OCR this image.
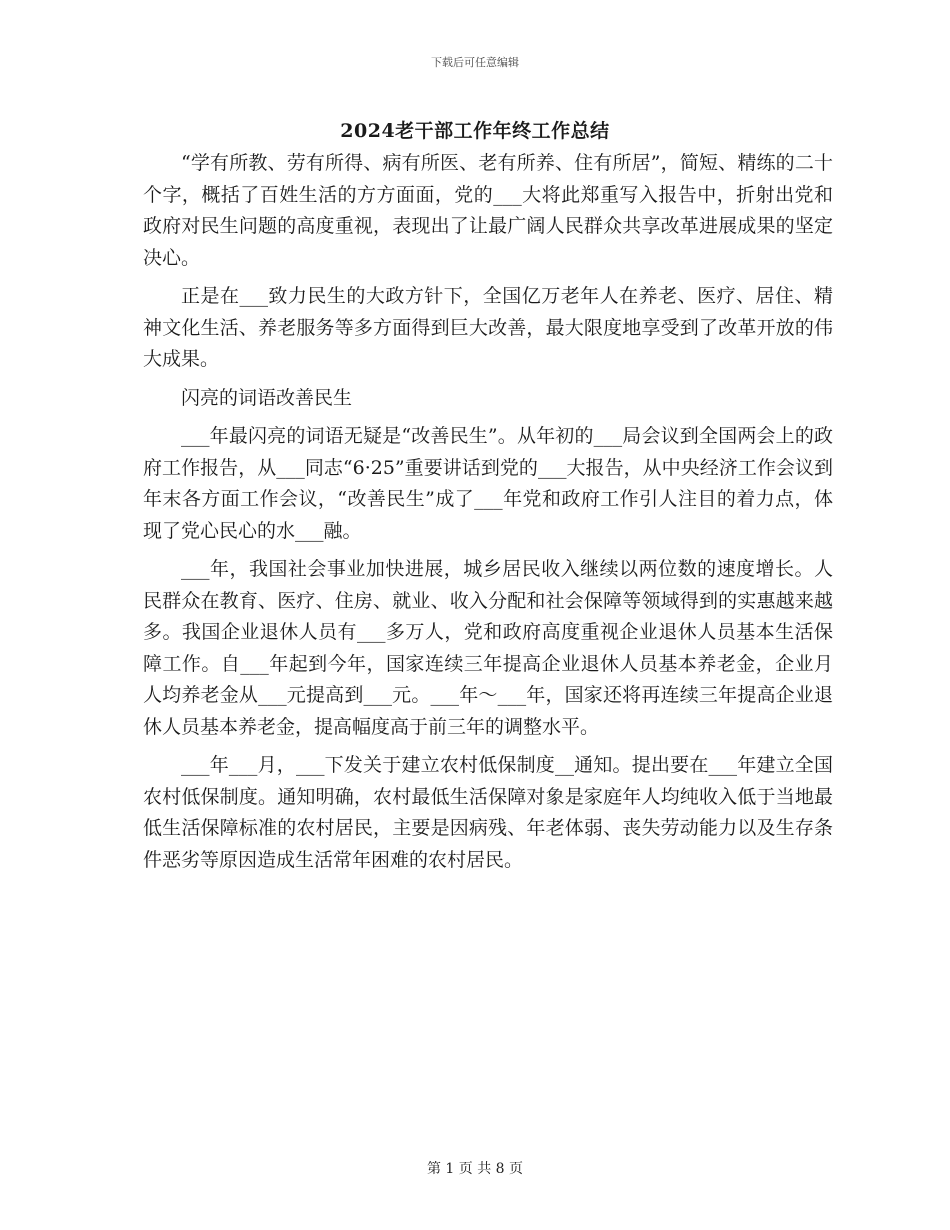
下载后可任意编辑
2024老干部工作年终工作总结

“学有所教、劳有所得、病有所医、老有所养、住有所居”，简短、精练的二十个字，概括了百姓生活的方方面面，党的___大将此郑重写入报告中，折射出党和政府对民生问题的高度重视，表现出了让最广阔人民群众共享改革进展成果的坚定决心。

正是在___致力民生的大政方针下，全国亿万老年人在养老、医疗、居住、精神文化生活、养老服务等多方面得到巨大改善，最大限度地享受到了改革开放的伟大成果。

闪亮的词语改善民生

___年最闪亮的词语无疑是“改善民生”。从年初的___局会议到全国两会上的政府工作报告，从___同志“6·25”重要讲话到党的___大报告，从中央经济工作会议到年末各方面工作会议，“改善民生”成了___年党和政府工作引人注目的着力点，体现了党心民心的水___融。

___年，我国社会事业加快进展，城乡居民收入继续以两位数的速度增长。人民群众在教育、医疗、住房、就业、收入分配和社会保障等领域得到的实惠越来越多。我国企业退休人员有___多万人，党和政府高度重视企业退休人员基本生活保障工作。自___年起到今年，国家连续三年提高企业退休人员基本养老金，企业月人均养老金从___元提高到___元。___年～___年，国家还将再连续三年提高企业退休人员基本养老金，提高幅度高于前三年的调整水平。

___年___月，___下发关于建立农村低保制度__通知。提出要在___年建立全国农村低保制度。通知明确，农村最低生活保障对象是家庭年人均纯收入低于当地最低生活保障标准的农村居民，主要是因病残、年老体弱、丧失劳动能力以及生存条件恶劣等原因造成生活常年困难的农村居民。

第 1 页 共 8 页
